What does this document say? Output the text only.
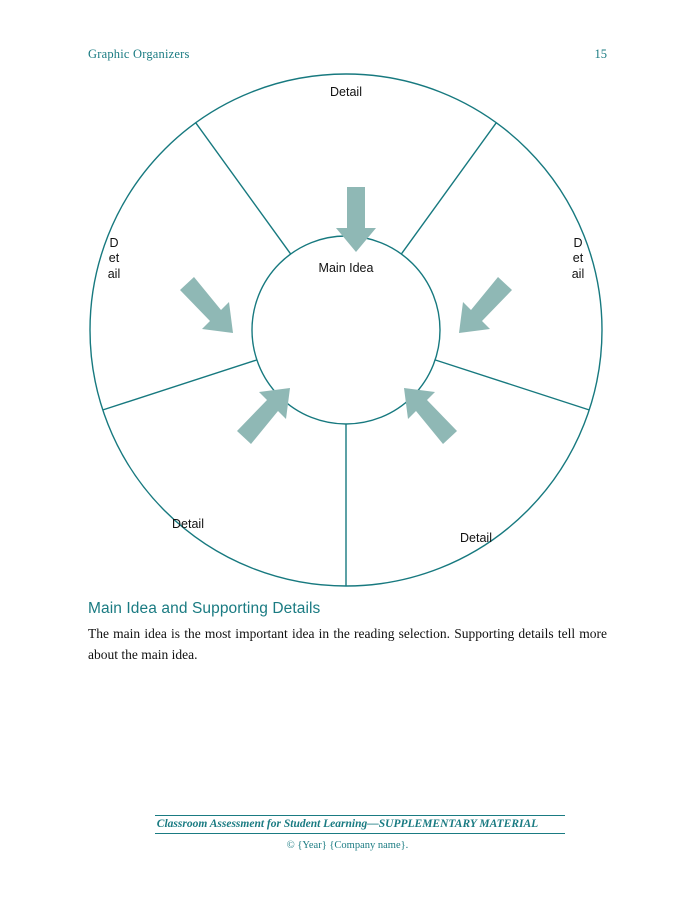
Graphic Organizers	15
Main Idea
Detail
D
et
ail
D
et
ail
Detail
Detail
Main Idea and Supporting Details
The main idea is the most important idea in the reading selection. Supporting details tell more about the main idea.
Classroom Assessment for Student Learning—SUPPLEMENTARY MATERIAL
© {Year} {Company name}.
